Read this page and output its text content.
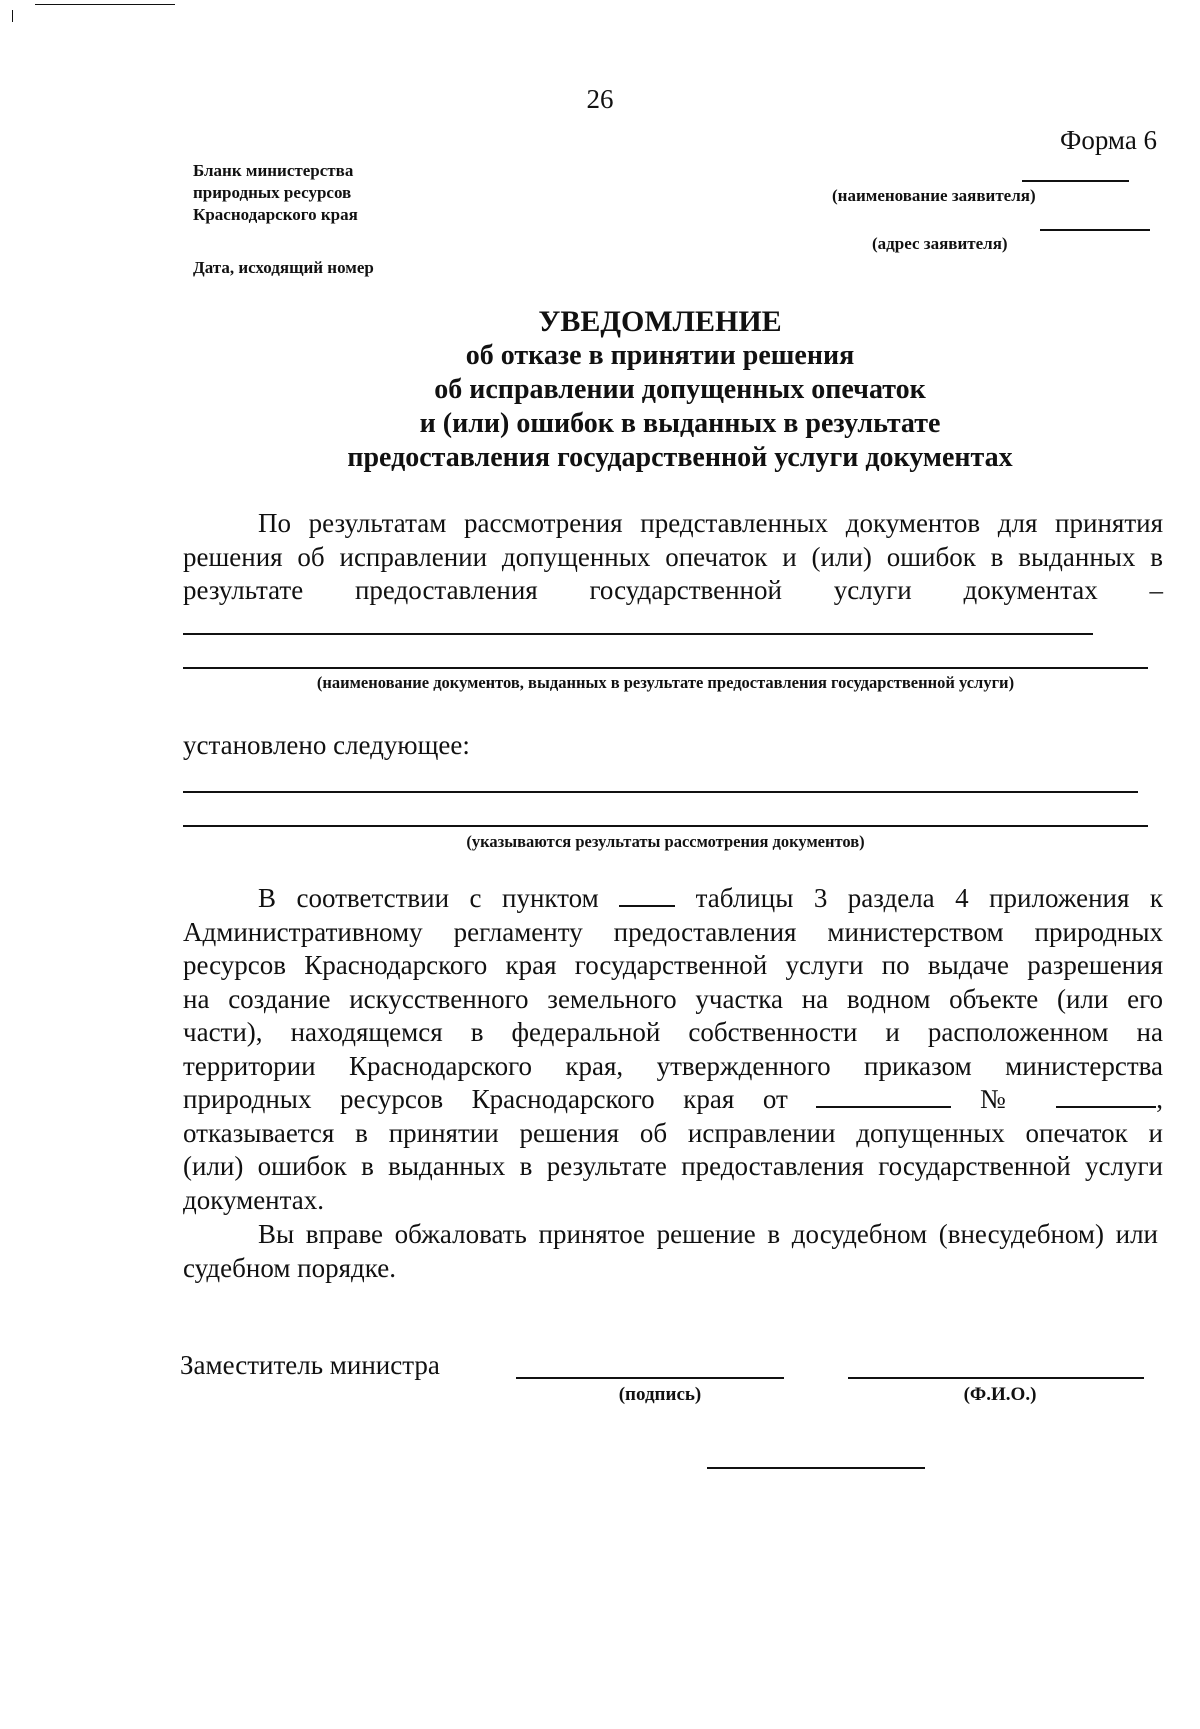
26
Форма 6
Бланк министерства
природных ресурсов
Краснодарского края
Дата, исходящий номер
(наименование заявителя)
(адрес заявителя)
УВЕДОМЛЕНИЕ
об отказе в принятии решения
об исправлении допущенных опечаток
и (или) ошибок в выданных в результате
предоставления государственной услуги документах
По результатам рассмотрения представленных документов для принятия
решения об исправлении допущенных опечаток и (или) ошибок в выданных в
результате предоставления государственной услуги документах –
(наименование документов, выданных в результате предоставления государственной услуги)
установлено следующее:
(указываются результаты рассмотрения документов)
В соответствии с пунктом	таблицы 3 раздела 4 приложения к
Административному регламенту предоставления министерством природных
ресурсов Краснодарского края государственной услуги по выдаче разрешения
на создание искусственного земельного участка на водном объекте (или его
части), находящемся в федеральной собственности и расположенном на
территории Краснодарского края, утвержденного приказом министерства
природных ресурсов Краснодарского края от	№	,
отказывается в принятии решения об исправлении допущенных опечаток и
(или) ошибок в выданных в результате предоставления государственной услуги
документах.
Вы вправе обжаловать принятое решение в досудебном (внесудебном) или
судебном порядке.
Заместитель министра
(подпись)	(Ф.И.О.)
